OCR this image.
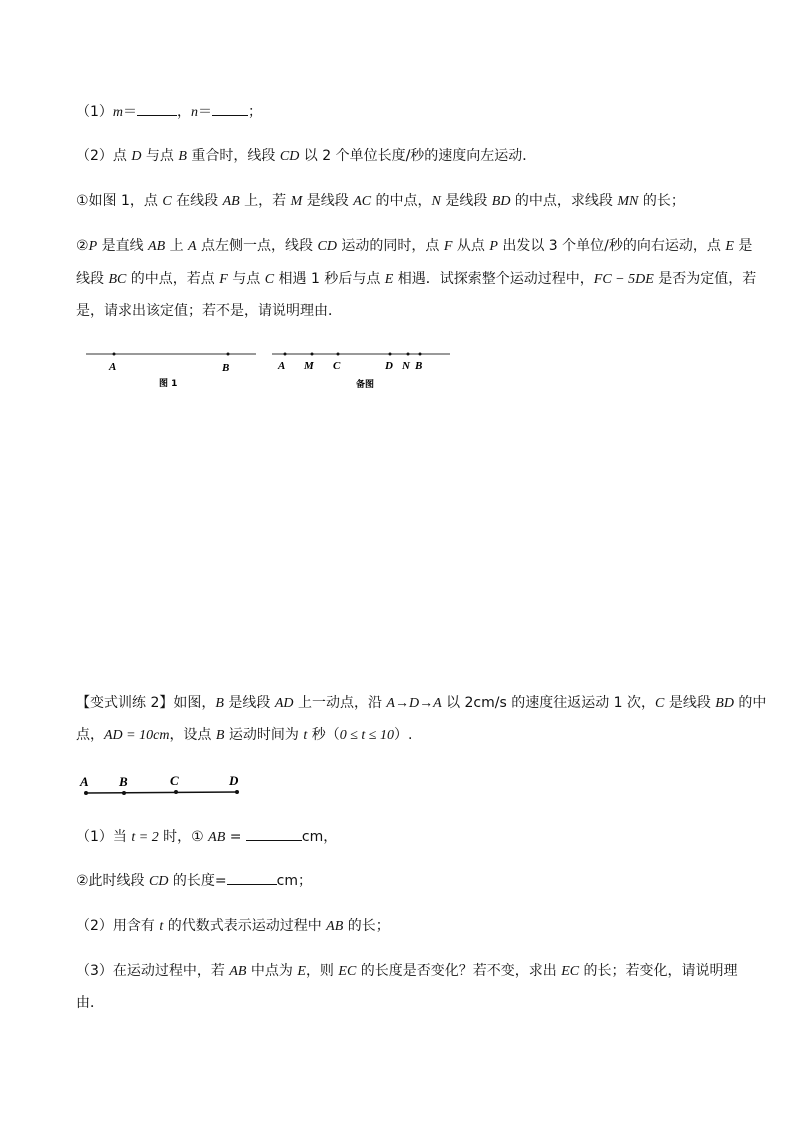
（1）m＝	，n＝	；
（2）点 D 与点 B 重合时，线段 CD 以 2 个单位长度/秒的速度向左运动．
①如图 1，点 C 在线段 AB 上，若 M 是线段 AC 的中点，N 是线段 BD 的中点，求线段 MN 的长；
②P 是直线 AB 上 A 点左侧一点，线段 CD 运动的同时，点 F 从点 P 出发以 3 个单位/秒的向右运动，点 E 是
线段 BC 的中点，若点 F 与点 C 相遇 1 秒后与点 E 相遇．试探索整个运动过程中，FC − 5DE 是否为定值，若
是，请求出该定值；若不是，请说明理由．
A	B
图 1
A M C	D N B
备图
【变式训练 2】如图，B 是线段 AD 上一动点，沿 A→D→A 以 2cm/s 的速度往返运动 1 次，C 是线段 BD 的中
点，AD = 10cm，设点 B 运动时间为 t 秒（0 ≤ t ≤ 10）.
A B	C	D
（1）当 t = 2 时，① AB =	cm，
②此时线段 CD 的长度=	cm；
（2）用含有 t 的代数式表示运动过程中 AB 的长；
（3）在运动过程中，若 AB 中点为 E，则 EC 的长度是否变化？若不变，求出 EC 的长；若变化，请说明理
由．
